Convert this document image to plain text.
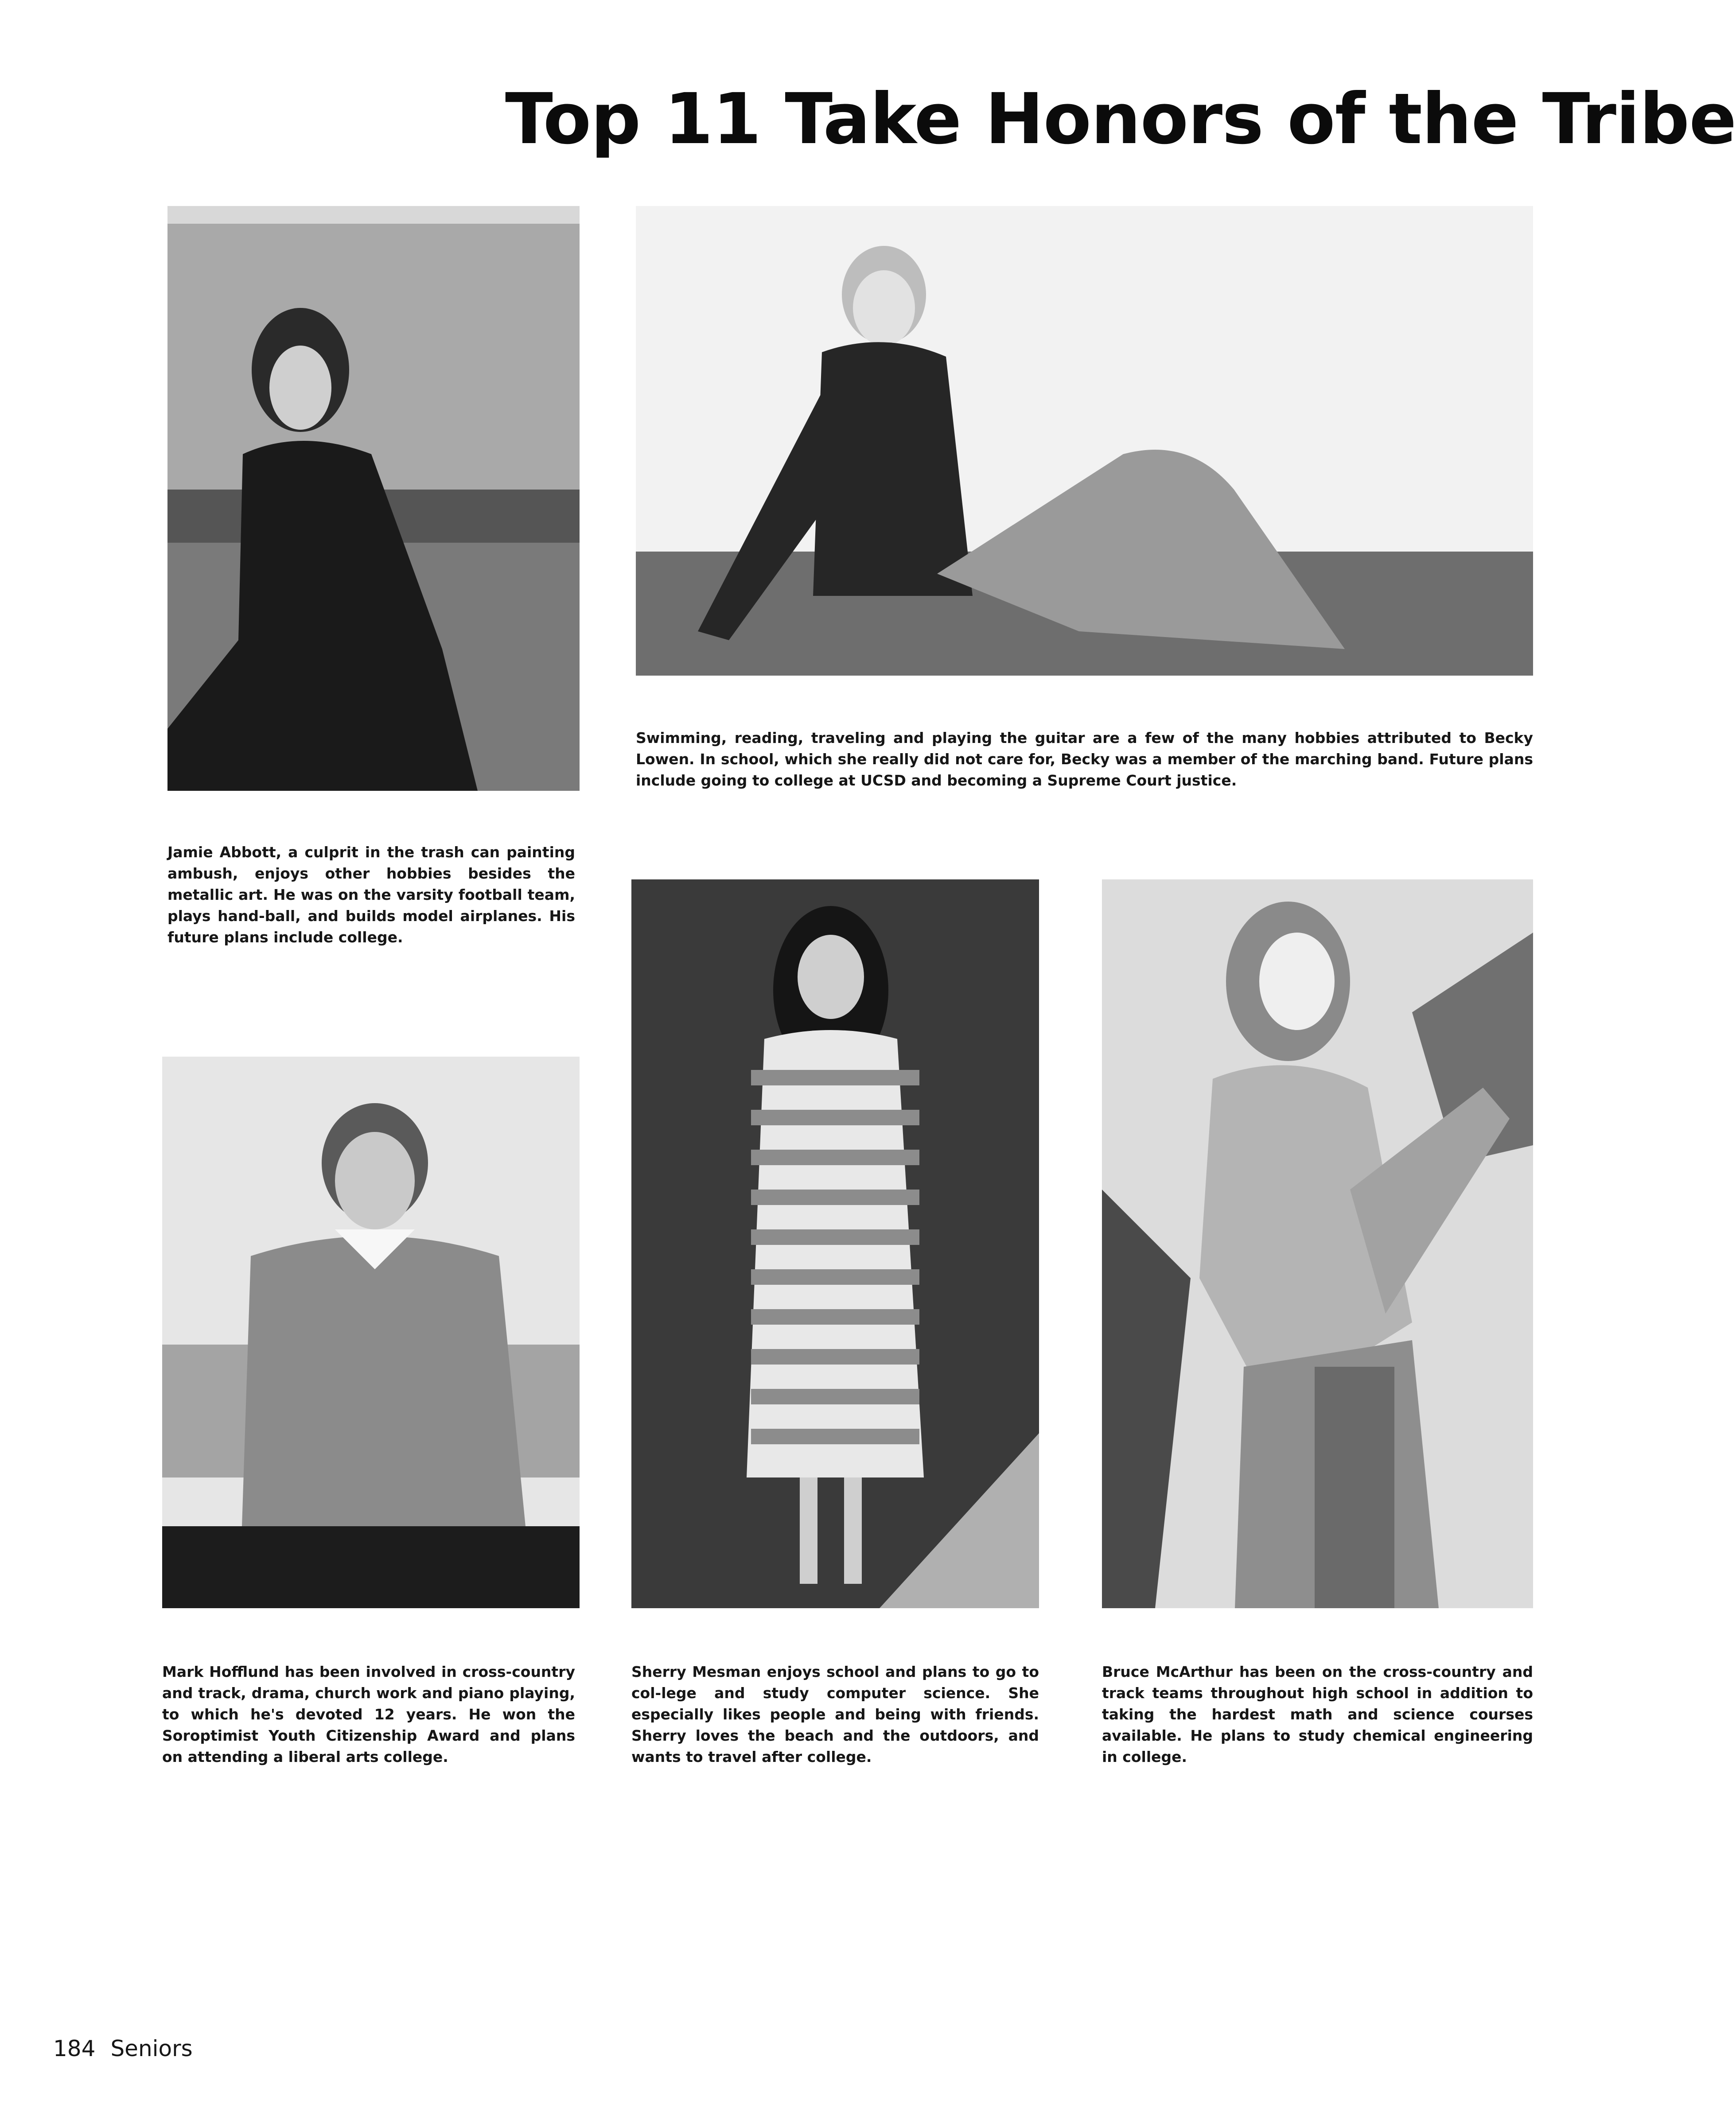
Top 11 Take Honors of the Tribe
Swimming, reading, traveling and playing the guitar are a few of the many hobbies attributed to Becky Lowen. In school, which she really did not care for, Becky was a member of the marching band. Future plans include going to college at UCSD and becoming a Supreme Court justice.
Jamie Abbott, a culprit in the trash can painting ambush, enjoys other hobbies besides the metallic art. He was on the varsity football team, plays hand-ball, and builds model airplanes. His future plans include college.
Mark Hofflund has been involved in cross-country and track, drama, church work and piano playing, to which he's devoted 12 years. He won the Soroptimist Youth Citizenship Award and plans on attending a liberal arts college.
Sherry Mesman enjoys school and plans to go to col-lege and study computer science. She especially likes people and being with friends. Sherry loves the beach and the outdoors, and wants to travel after college.
Bruce McArthur has been on the cross-country and track teams throughout high school in addition to taking the hardest math and science courses available. He plans to study chemical engineering in college.
184 Seniors
